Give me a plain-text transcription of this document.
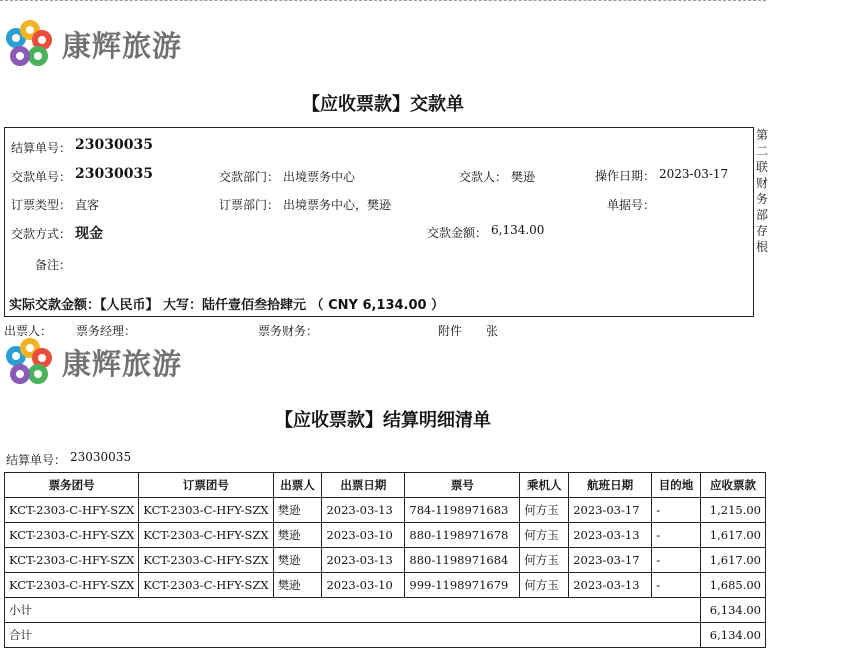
康辉旅游
【应收票款】交款单
结算单号： 23030035
交款单号： 23030035	交款部门： 出境票务中心	交款人： 樊逊	操作日期： 2023-03-17
订票类型： 直客	订票部门： 出境票务中心，樊逊	单据号：
交款方式： 现金	交款金额： 6,134.00
备注：
实际交款金额：【人民币】 大写：陆仟壹佰叁拾肆元 （ CNY 6,134.00 ）
第
二
联
财
务
部
存
根
出票人： 票务经理：	票务财务：	附件 张
康辉旅游
【应收票款】结算明细清单
结算单号： 23030035
票务团号	订票团号	出票人	出票日期	票号	乘机人	航班日期	目的地	应收票款
KCT-2303-C-HFY-SZX	KCT-2303-C-HFY-SZX	樊逊	2023-03-13	784-1198971683	何方玉	2023-03-17	-	1,215.00
KCT-2303-C-HFY-SZX	KCT-2303-C-HFY-SZX	樊逊	2023-03-10	880-1198971678	何方玉	2023-03-13	-	1,617.00
KCT-2303-C-HFY-SZX	KCT-2303-C-HFY-SZX	樊逊	2023-03-13	880-1198971684	何方玉	2023-03-17	-	1,617.00
KCT-2303-C-HFY-SZX	KCT-2303-C-HFY-SZX	樊逊	2023-03-10	999-1198971679	何方玉	2023-03-13	-	1,685.00
小计								6,134.00
合计								6,134.00
